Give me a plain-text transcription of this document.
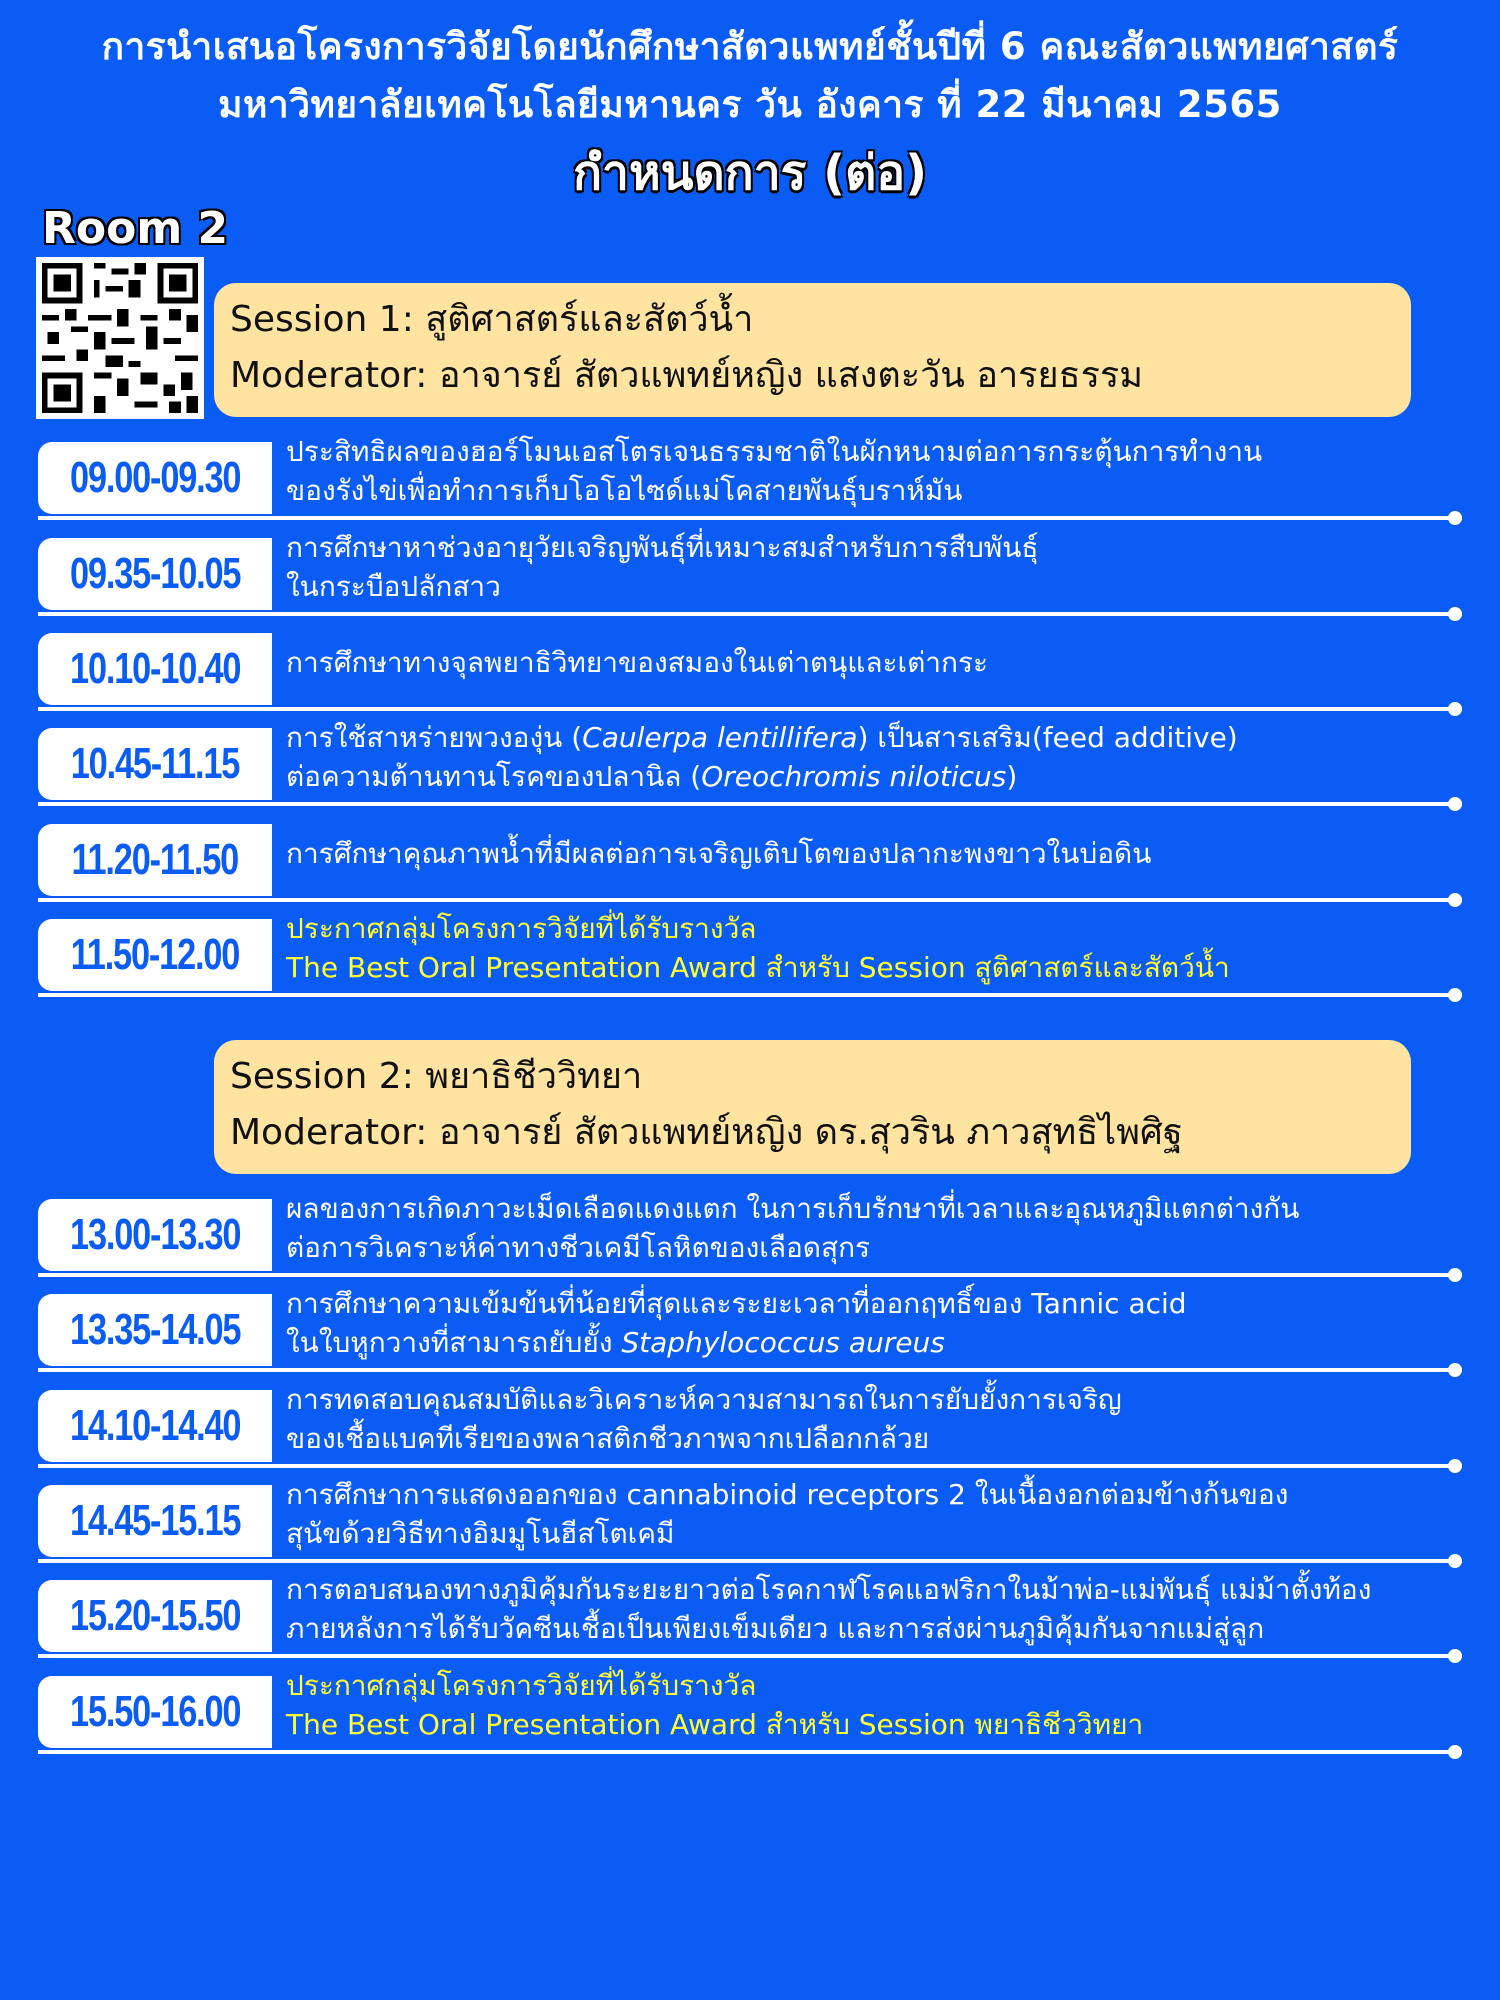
การนำเสนอโครงการวิจัยโดยนักศึกษาสัตวแพทย์ชั้นปีที่ 6 คณะสัตวแพทยศาสตร์
มหาวิทยาลัยเทคโนโลยีมหานคร วัน อังคาร ที่ 22 มีนาคม 2565
กำหนดการ (ต่อ)
Room 2
Session 1: สูติศาสตร์และสัตว์น้ำ
Moderator: อาจารย์ สัตวแพทย์หญิง แสงตะวัน อารยธรรม
09.00-09.30
ประสิทธิผลของฮอร์โมนเอสโตรเจนธรรมชาติในผักหนามต่อการกระตุ้นการทำงาน
ของรังไข่เพื่อทำการเก็บโอโอไซด์แม่โคสายพันธุ์บราห์มัน
09.35-10.05
การศึกษาหาช่วงอายุวัยเจริญพันธุ์ที่เหมาะสมสำหรับการสืบพันธุ์
ในกระบือปลักสาว
10.10-10.40	การศึกษาทางจุลพยาธิวิทยาของสมองในเต่าตนุและเต่ากระ
10.45-11.15
การใช้สาหร่ายพวงองุ่น (Caulerpa lentillifera) เป็นสารเสริม(feed additive)
ต่อความต้านทานโรคของปลานิล (Oreochromis niloticus)
11.20-11.50	การศึกษาคุณภาพน้ำที่มีผลต่อการเจริญเติบโตของปลากะพงขาวในบ่อดิน
11.50-12.00
ประกาศกลุ่มโครงการวิจัยที่ได้รับรางวัล
The Best Oral Presentation Award สำหรับ Session สูติศาสตร์และสัตว์น้ำ
Session 2: พยาธิชีววิทยา
Moderator: อาจารย์ สัตวแพทย์หญิง ดร.สุวริน ภาวสุทธิไพศิฐ
13.00-13.30
ผลของการเกิดภาวะเม็ดเลือดแดงแตก ในการเก็บรักษาที่เวลาและอุณหภูมิแตกต่างกัน
ต่อการวิเคราะห์ค่าทางชีวเคมีโลหิตของเลือดสุกร
13.35-14.05
การศึกษาความเข้มข้นที่น้อยที่สุดและระยะเวลาที่ออกฤทธิ์ของ Tannic acid
ในใบหูกวางที่สามารถยับยั้ง Staphylococcus aureus
14.10-14.40
การทดสอบคุณสมบัติและวิเคราะห์ความสามารถในการยับยั้งการเจริญ
ของเชื้อแบคทีเรียของพลาสติกชีวภาพจากเปลือกกล้วย
14.45-15.15
การศึกษาการแสดงออกของ cannabinoid receptors 2 ในเนื้องอกต่อมข้างก้นของ
สุนัขด้วยวิธีทางอิมมูโนฮีสโตเคมี
15.20-15.50
การตอบสนองทางภูมิคุ้มกันระยะยาวต่อโรคกาฬโรคแอฟริกาในม้าพ่อ-แม่พันธุ์ แม่ม้าตั้งท้อง
ภายหลังการได้รับวัคซีนเชื้อเป็นเพียงเข็มเดียว และการส่งผ่านภูมิคุ้มกันจากแม่สู่ลูก
15.50-16.00
ประกาศกลุ่มโครงการวิจัยที่ได้รับรางวัล
The Best Oral Presentation Award สำหรับ Session พยาธิชีววิทยา
